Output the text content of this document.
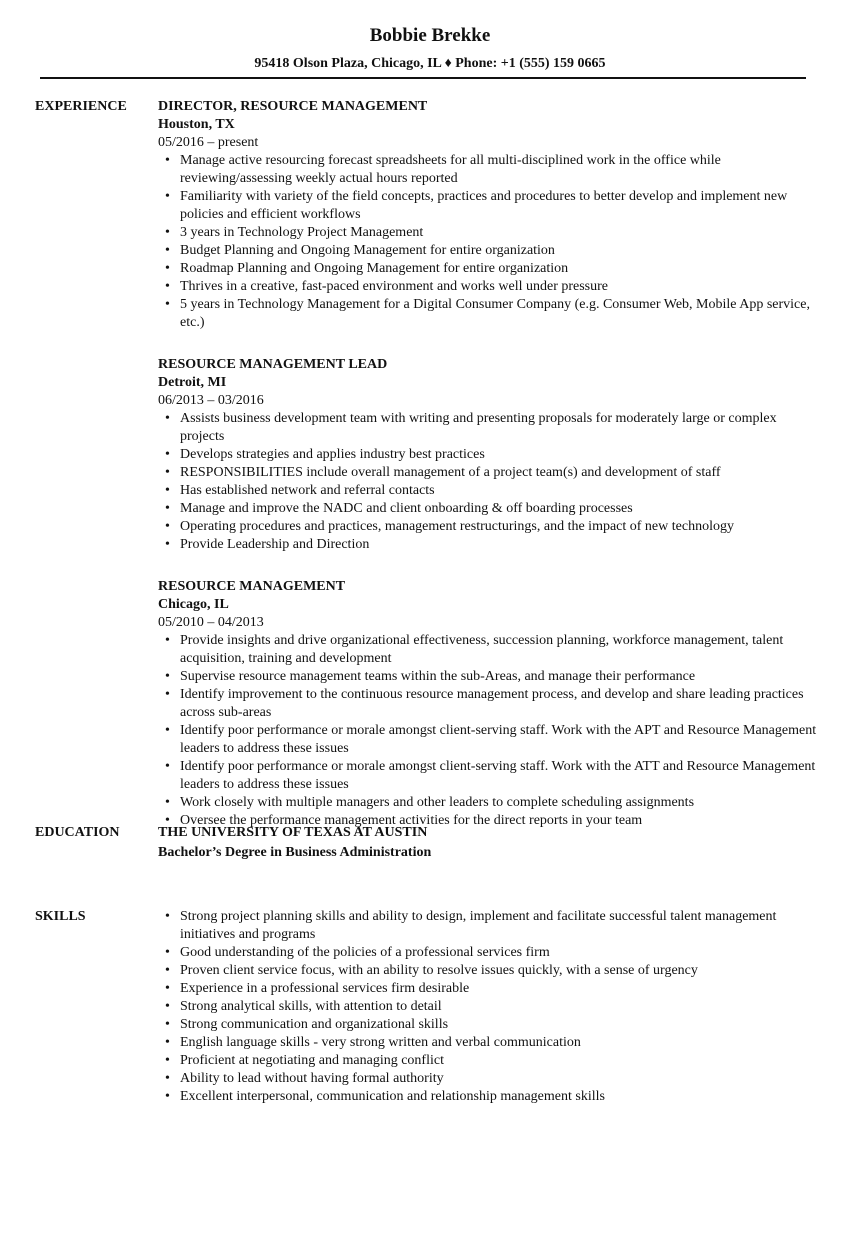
Bobbie Brekke
95418 Olson Plaza, Chicago, IL ♦ Phone: +1 (555) 159 0665
EXPERIENCE	DIRECTOR, RESOURCE MANAGEMENT
Houston, TX
05/2016 – present
• Manage active resourcing forecast spreadsheets for all multi-disciplined work in the office while reviewing/assessing weekly actual hours reported
• Familiarity with variety of the field concepts, practices and procedures to better develop and implement new policies and efficient workflows
• 3 years in Technology Project Management
• Budget Planning and Ongoing Management for entire organization
• Roadmap Planning and Ongoing Management for entire organization
• Thrives in a creative, fast-paced environment and works well under pressure
• 5 years in Technology Management for a Digital Consumer Company (e.g. Consumer Web, Mobile App service, etc.)
RESOURCE MANAGEMENT LEAD
Detroit, MI
06/2013 – 03/2016
• Assists business development team with writing and presenting proposals for moderately large or complex projects
• Develops strategies and applies industry best practices
• RESPONSIBILITIES include overall management of a project team(s) and development of staff
• Has established network and referral contacts
• Manage and improve the NADC and client onboarding & off boarding processes
• Operating procedures and practices, management restructurings, and the impact of new technology
• Provide Leadership and Direction
RESOURCE MANAGEMENT
Chicago, IL
05/2010 – 04/2013
• Provide insights and drive organizational effectiveness, succession planning, workforce management, talent acquisition, training and development
• Supervise resource management teams within the sub-Areas, and manage their performance
• Identify improvement to the continuous resource management process, and develop and share leading practices across sub-areas
• Identify poor performance or morale amongst client-serving staff. Work with the APT and Resource Management leaders to address these issues
• Identify poor performance or morale amongst client-serving staff. Work with the ATT and Resource Management leaders to address these issues
• Work closely with multiple managers and other leaders to complete scheduling assignments
• Oversee the performance management activities for the direct reports in your team
EDUCATION	THE UNIVERSITY OF TEXAS AT AUSTIN
Bachelor’s Degree in Business Administration
SKILLS
•	Strong project planning skills and ability to design, implement and facilitate successful talent management initiatives and programs
• Good understanding of the policies of a professional services firm
• Proven client service focus, with an ability to resolve issues quickly, with a sense of urgency
• Experience in a professional services firm desirable
• Strong analytical skills, with attention to detail
• Strong communication and organizational skills
• English language skills - very strong written and verbal communication
• Proficient at negotiating and managing conflict
• Ability to lead without having formal authority
• Excellent interpersonal, communication and relationship management skills
